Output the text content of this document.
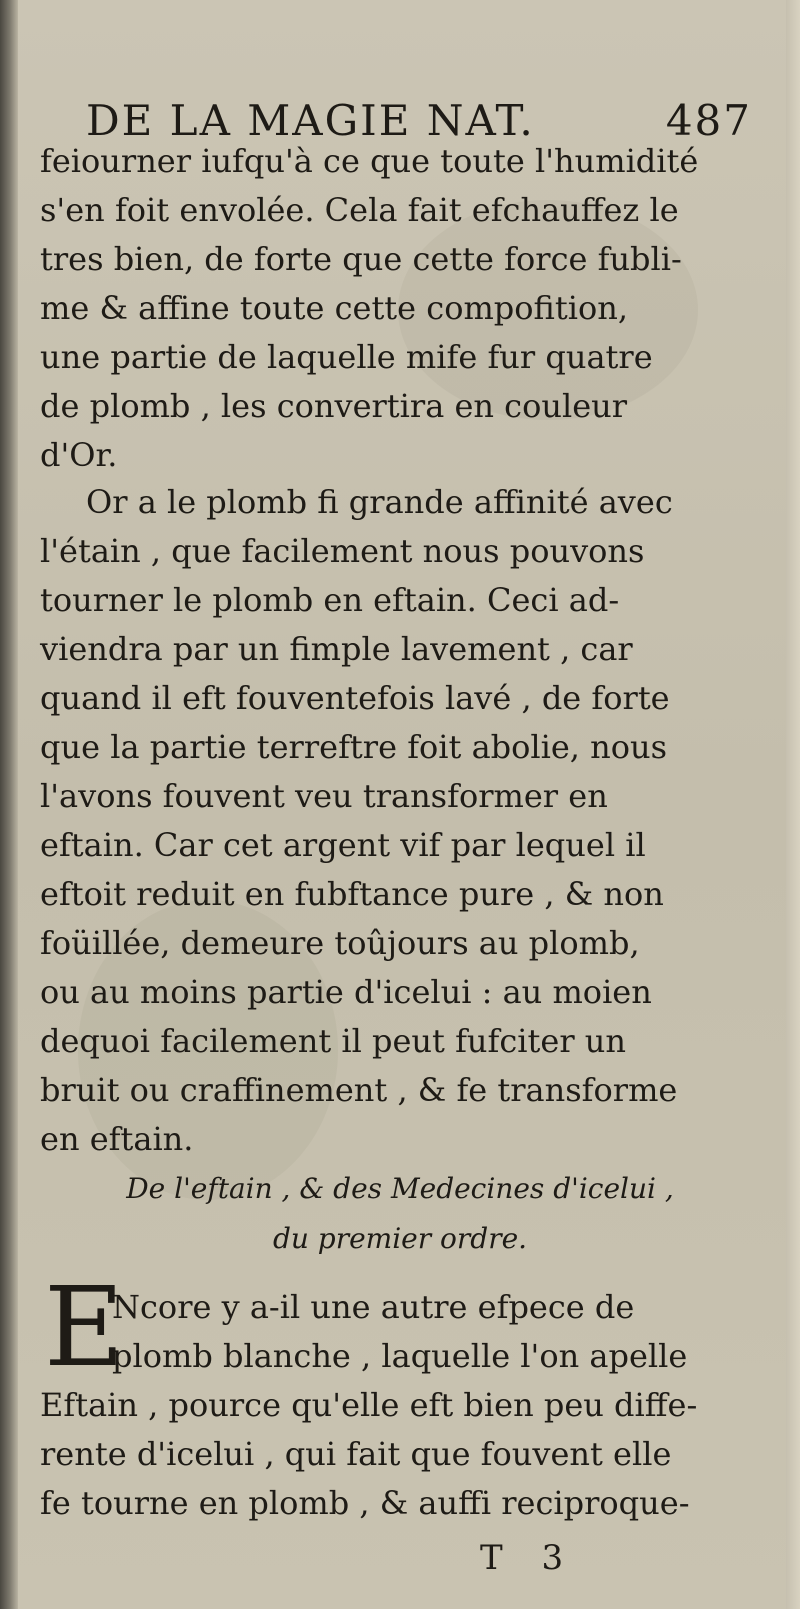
DE LA MAGIE NAT.	487
feiourner iufqu'à ce que toute l'humidité
s'en foit envolée. Cela fait efchauffez le
tres bien, de forte que cette force fubli-
me & affine toute cette compofition,
une partie de laquelle mife fur quatre
de plomb , les convertira en couleur
d'Or.
Or a le plomb fi grande affinité avec
l'étain , que facilement nous pouvons
tourner le plomb en eftain. Ceci ad-
viendra par un fimple lavement , car
quand il eft fouventefois lavé , de forte
que la partie terreftre foit abolie, nous
l'avons fouvent veu transformer en
eftain. Car cet argent vif par lequel il
eftoit reduit en fubftance pure , & non
foüillée, demeure toûjours au plomb,
ou au moins partie d'icelui : au moien
dequoi facilement il peut fufciter un
bruit ou craffinement , & fe transforme
en eftain.
De l'eftain , & des Medecines d'icelui ,
du premier ordre.
E
Ncore y a-il une autre efpece de
plomb blanche , laquelle l'on apelle
Eftain , pource qu'elle eft bien peu diffe-
rente d'icelui , qui fait que fouvent elle
fe tourne en plomb , & auffi reciproque-
T 3
